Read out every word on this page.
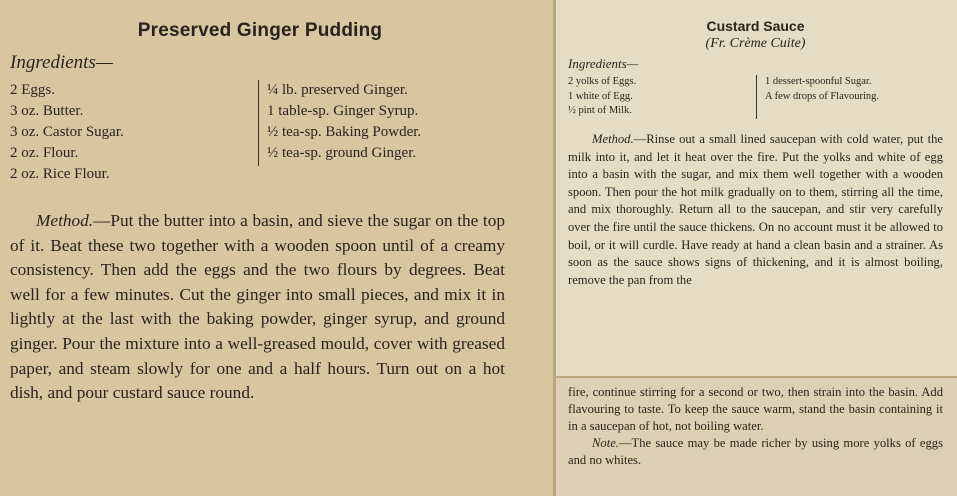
Preserved Ginger Pudding
Ingredients—
2 Eggs.
3 oz. Butter.
3 oz. Castor Sugar.
2 oz. Flour.
2 oz. Rice Flour.
¼ lb. preserved Ginger.
1 table-sp. Ginger Syrup.
½ tea-sp. Baking Powder.
½ tea-sp. ground Ginger.

Method.—Put the butter into a basin, and sieve the sugar on the top of it. Beat these two together with a wooden spoon until of a creamy consistency. Then add the eggs and the two flours by degrees. Beat well for a few minutes. Cut the ginger into small pieces, and mix it in lightly at the last with the baking powder, ginger syrup, and ground ginger. Pour the mixture into a well-greased mould, cover with greased paper, and steam slowly for one and a half hours. Turn out on a hot dish, and pour custard sauce round.

Custard Sauce
(Fr. Crème Cuite)
Ingredients—
2 yolks of Eggs.
1 white of Egg.
½ pint of Milk.
1 dessert-spoonful Sugar.
A few drops of Flavouring.

Method.—Rinse out a small lined saucepan with cold water, put the milk into it, and let it heat over the fire. Put the yolks and white of egg into a basin with the sugar, and mix them well together with a wooden spoon. Then pour the hot milk gradually on to them, stirring all the time, and mix thoroughly. Return all to the saucepan, and stir very carefully over the fire until the sauce thickens. On no account must it be allowed to boil, or it will curdle. Have ready at hand a clean basin and a strainer. As soon as the sauce shows signs of thickening, and it is almost boiling, remove the pan from the

fire, continue stirring for a second or two, then strain into the basin. Add flavouring to taste. To keep the sauce warm, stand the basin containing it in a saucepan of hot, not boiling water.

Note.—The sauce may be made richer by using more yolks of eggs and no whites.
